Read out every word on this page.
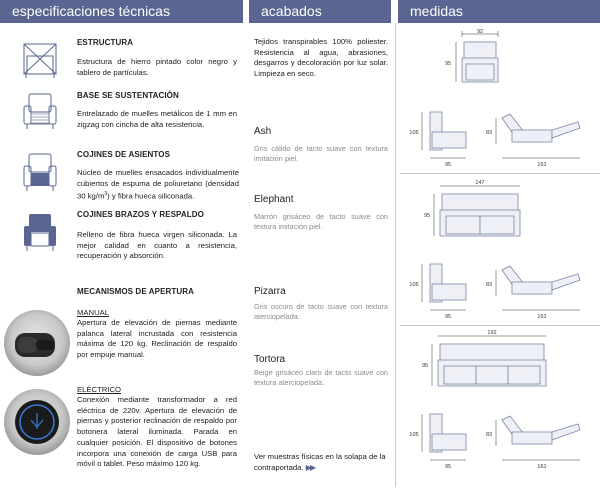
especificaciones técnicas	acabados	medidas
ESTRUCTURA
Estructura de hierro pintado color negro y tablero de partículas.
BASE SE SUSTENTACIÓN
Entrelazado de muelles metálicos de 1 mm en zigzag con cincha de alta resistencia.
COJINES DE ASIENTOS
Núcleo de muelles ensacados individualmente cubiertos de espuma de poliuretano (densidad 30 $kg/m^3$) y fibra hueca siliconada.
COJINES BRAZOS Y RESPALDO
Relleno de fibra hueca virgen siliconada. La mejor calidad en cuanto a resistencia, recuperación y absorción.
MECANISMOS DE APERTURA
MANUAL
Apertura de elevación de piernas mediante palanca lateral incrustada con resistencia máxima de 120 kg. Reclinación de respaldo por empuje manual.
ELÉCTRICO
Conexión mediante transformador a red eléctrica de 220v. Apertura de elevación de piernas y posterior reclinación de respaldo por botonera lateral iluminada. Parada en cualquier posición. El dispositivo de botones incorpora una conexión de carga USB para móvil o tablet. Peso máximo 120 kg.
Tejidos transpirables 100% poliester. Resistencia al agua, abrasiones, desgarros y decoloración por luz solar. Limpieza en seco.
Ash
Gris cálido de tacto suave con textura imitación piel.
Elephant
Marrón grisáceo de tacto suave con textura imitación piel.
Pizarra
Gris oscuro de tacto suave con textura aterciopelada.
Tortora
Beige grisáceo claro de tacto suave con textura aterciopelada.
Ver muestras físicas en la solapa de la contraportada. ▶▶
92
95
105
95
83
161
147
95
105
95
83
161
192
95
105
95
83
161
